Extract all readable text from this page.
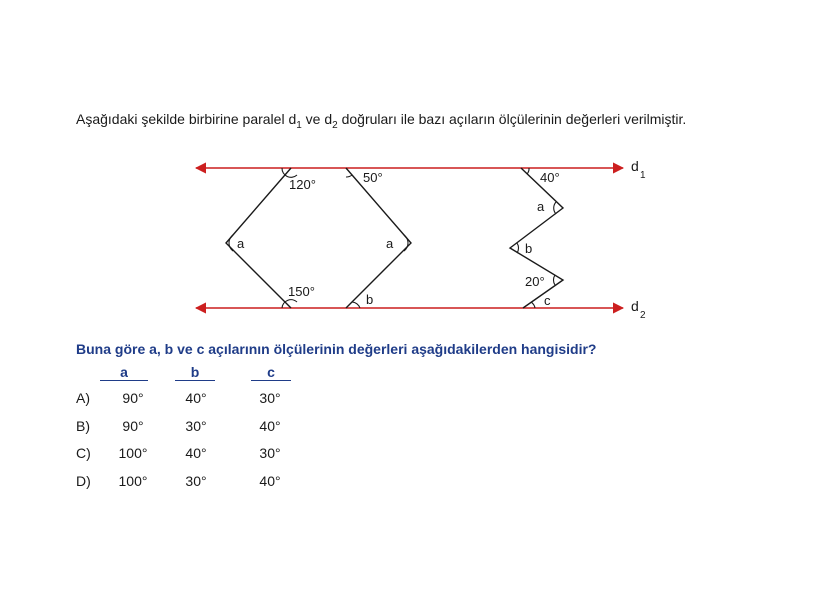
Aşağıdaki şekilde birbirine paralel $d_1$ ve $d_2$ doğruları ile bazı açıların ölçülerinin değerleri verilmiştir.
d
1
d
2
120°	50°
a	a
150°
b
40°
a
b
20°
c
Buna göre a, b ve c açılarının ölçülerinin değerleri aşağıdakilerden hangisidir?
a	b	c
A)	90°	40°	30°
B)	90°	30°	40°
C)	100°	40°	30°
D)	100°	30°	40°
